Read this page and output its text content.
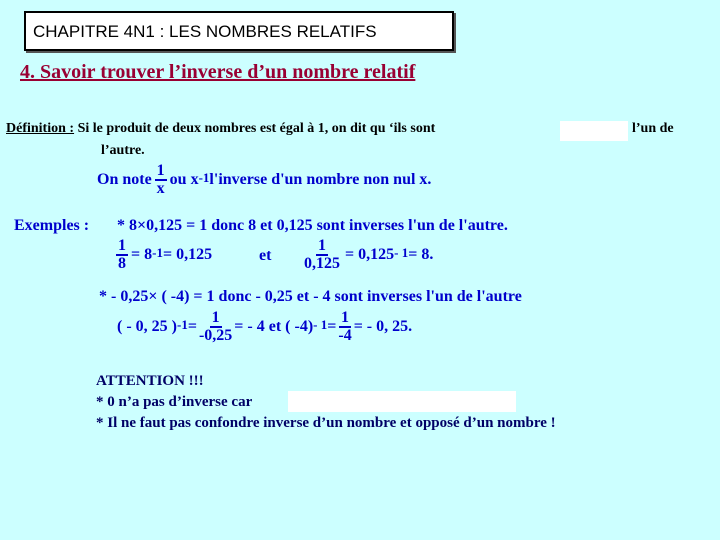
CHAPITRE 4N1 : LES NOMBRES RELATIFS
4. Savoir trouver l’inverse d’un nombre relatif
Définition : Si le produit de deux nombres est égal à 1, on dit qu ‘ils sont	l’un de
l’autre.
On note $\frac{1}{x}$ ou $x^{-1}$ l'inverse d'un nombre non nul x.
Exemples : * 8×0,125 = 1 donc 8 et 0,125 sont inverses l'un de l'autre.
$\frac{1}{8} = 8^{-1} = 0,125$	et $\frac{1}{0,125} = 0,125$ $^{- 1}$ = 8.
* - 0,25× ( -4) = 1 donc - 0,25 et - 4 sont inverses l'un de l'autre
( - 0, 25 )$^{-1} = \frac{1}{-0,25}$ = - 4 et ( $-4)^{- 1} = \frac{1}{-4}$ = - 0, 25.
ATTENTION !!!
* 0 n’a pas d’inverse car
* Il ne faut pas confondre inverse d’un nombre et opposé d’un nombre !
